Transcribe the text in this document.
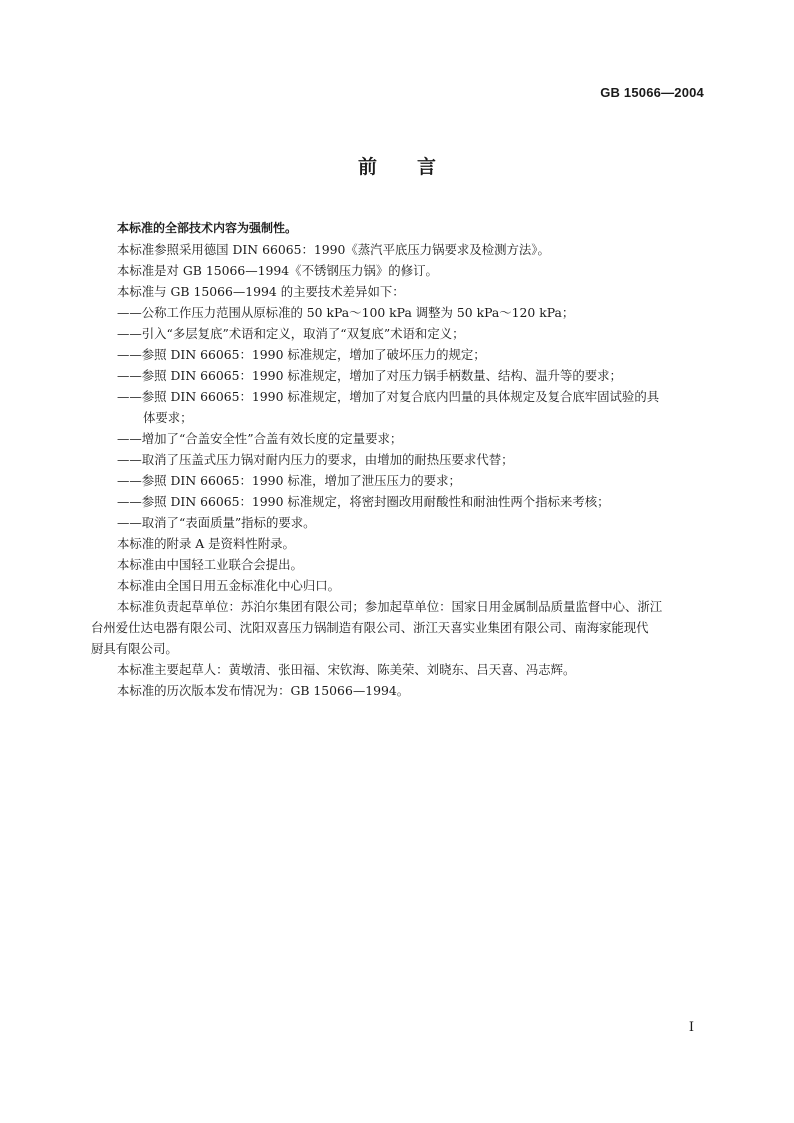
GB 15066—2004
前言
本标准的全部技术内容为强制性。
本标准参照采用德国 DIN 66065：1990《蒸汽平底压力锅要求及检测方法》。
本标准是对 GB 15066—1994《不锈钢压力锅》的修订。
本标准与 GB 15066—1994 的主要技术差异如下：
——公称工作压力范围从原标准的 50 kPa～100 kPa 调整为 50 kPa～120 kPa；
——引入“多层复底”术语和定义，取消了“双复底”术语和定义；
——参照 DIN 66065：1990 标准规定，增加了破坏压力的规定；
——参照 DIN 66065：1990 标准规定，增加了对压力锅手柄数量、结构、温升等的要求；
——参照 DIN 66065：1990 标准规定，增加了对复合底内凹量的具体规定及复合底牢固试验的具
体要求；
——增加了“合盖安全性”合盖有效长度的定量要求；
——取消了压盖式压力锅对耐内压力的要求，由增加的耐热压要求代替；
——参照 DIN 66065：1990 标准，增加了泄压压力的要求；
——参照 DIN 66065：1990 标准规定，将密封圈改用耐酸性和耐油性两个指标来考核；
——取消了“表面质量”指标的要求。
本标准的附录 A 是资料性附录。
本标准由中国轻工业联合会提出。
本标准由全国日用五金标准化中心归口。
本标准负责起草单位：苏泊尔集团有限公司；参加起草单位：国家日用金属制品质量监督中心、浙江
台州爱仕达电器有限公司、沈阳双喜压力锅制造有限公司、浙江天喜实业集团有限公司、南海家能现代
厨具有限公司。
本标准主要起草人：黄墩清、张田福、宋钦海、陈美荣、刘晓东、吕天喜、冯志辉。
本标准的历次版本发布情况为：GB 15066—1994。
I
